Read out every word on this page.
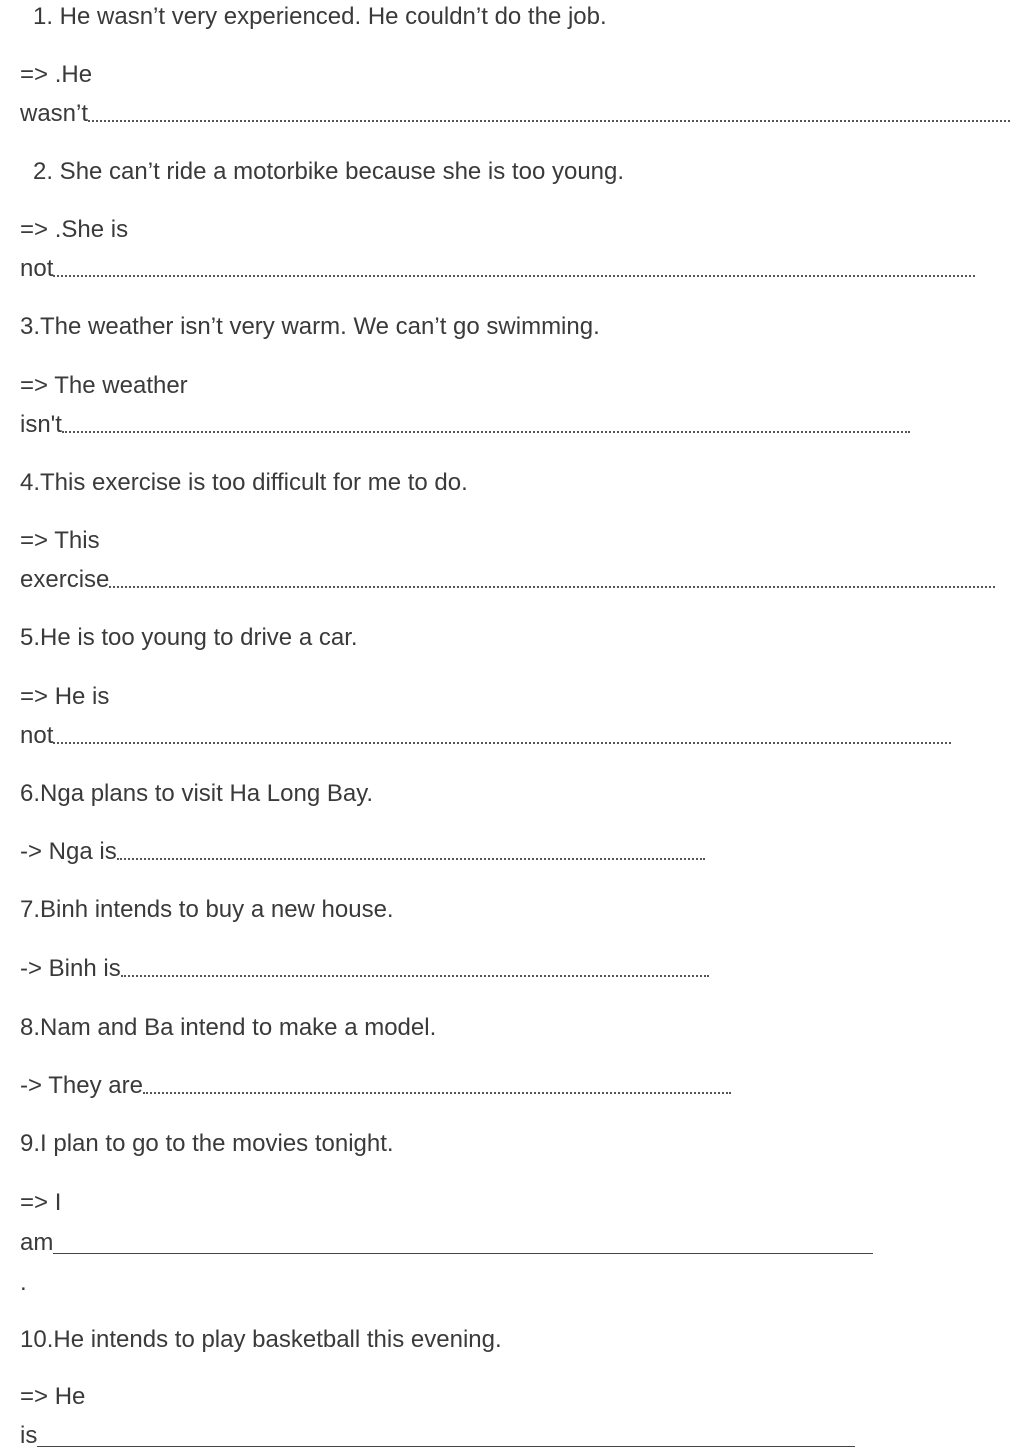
1. He wasn’t very experienced. He couldn’t do the job.
=> .He
wasn’t
2. She can’t ride a motorbike because she is too young.
=> .She is
not
3.The weather isn’t very warm. We can’t go swimming.
=> The weather
isn't
4.This exercise is too difficult for me to do.
=> This
exercise
5.He is too young to drive a car.
=> He is
not
6.Nga plans to visit Ha Long Bay.
-> Nga is
7.Binh intends to buy a new house.
-> Binh is
8.Nam and Ba intend to make a model.
-> They are
9.I plan to go to the movies tonight.
=> I
am
.
10.He intends to play basketball this evening.
=> He
is
